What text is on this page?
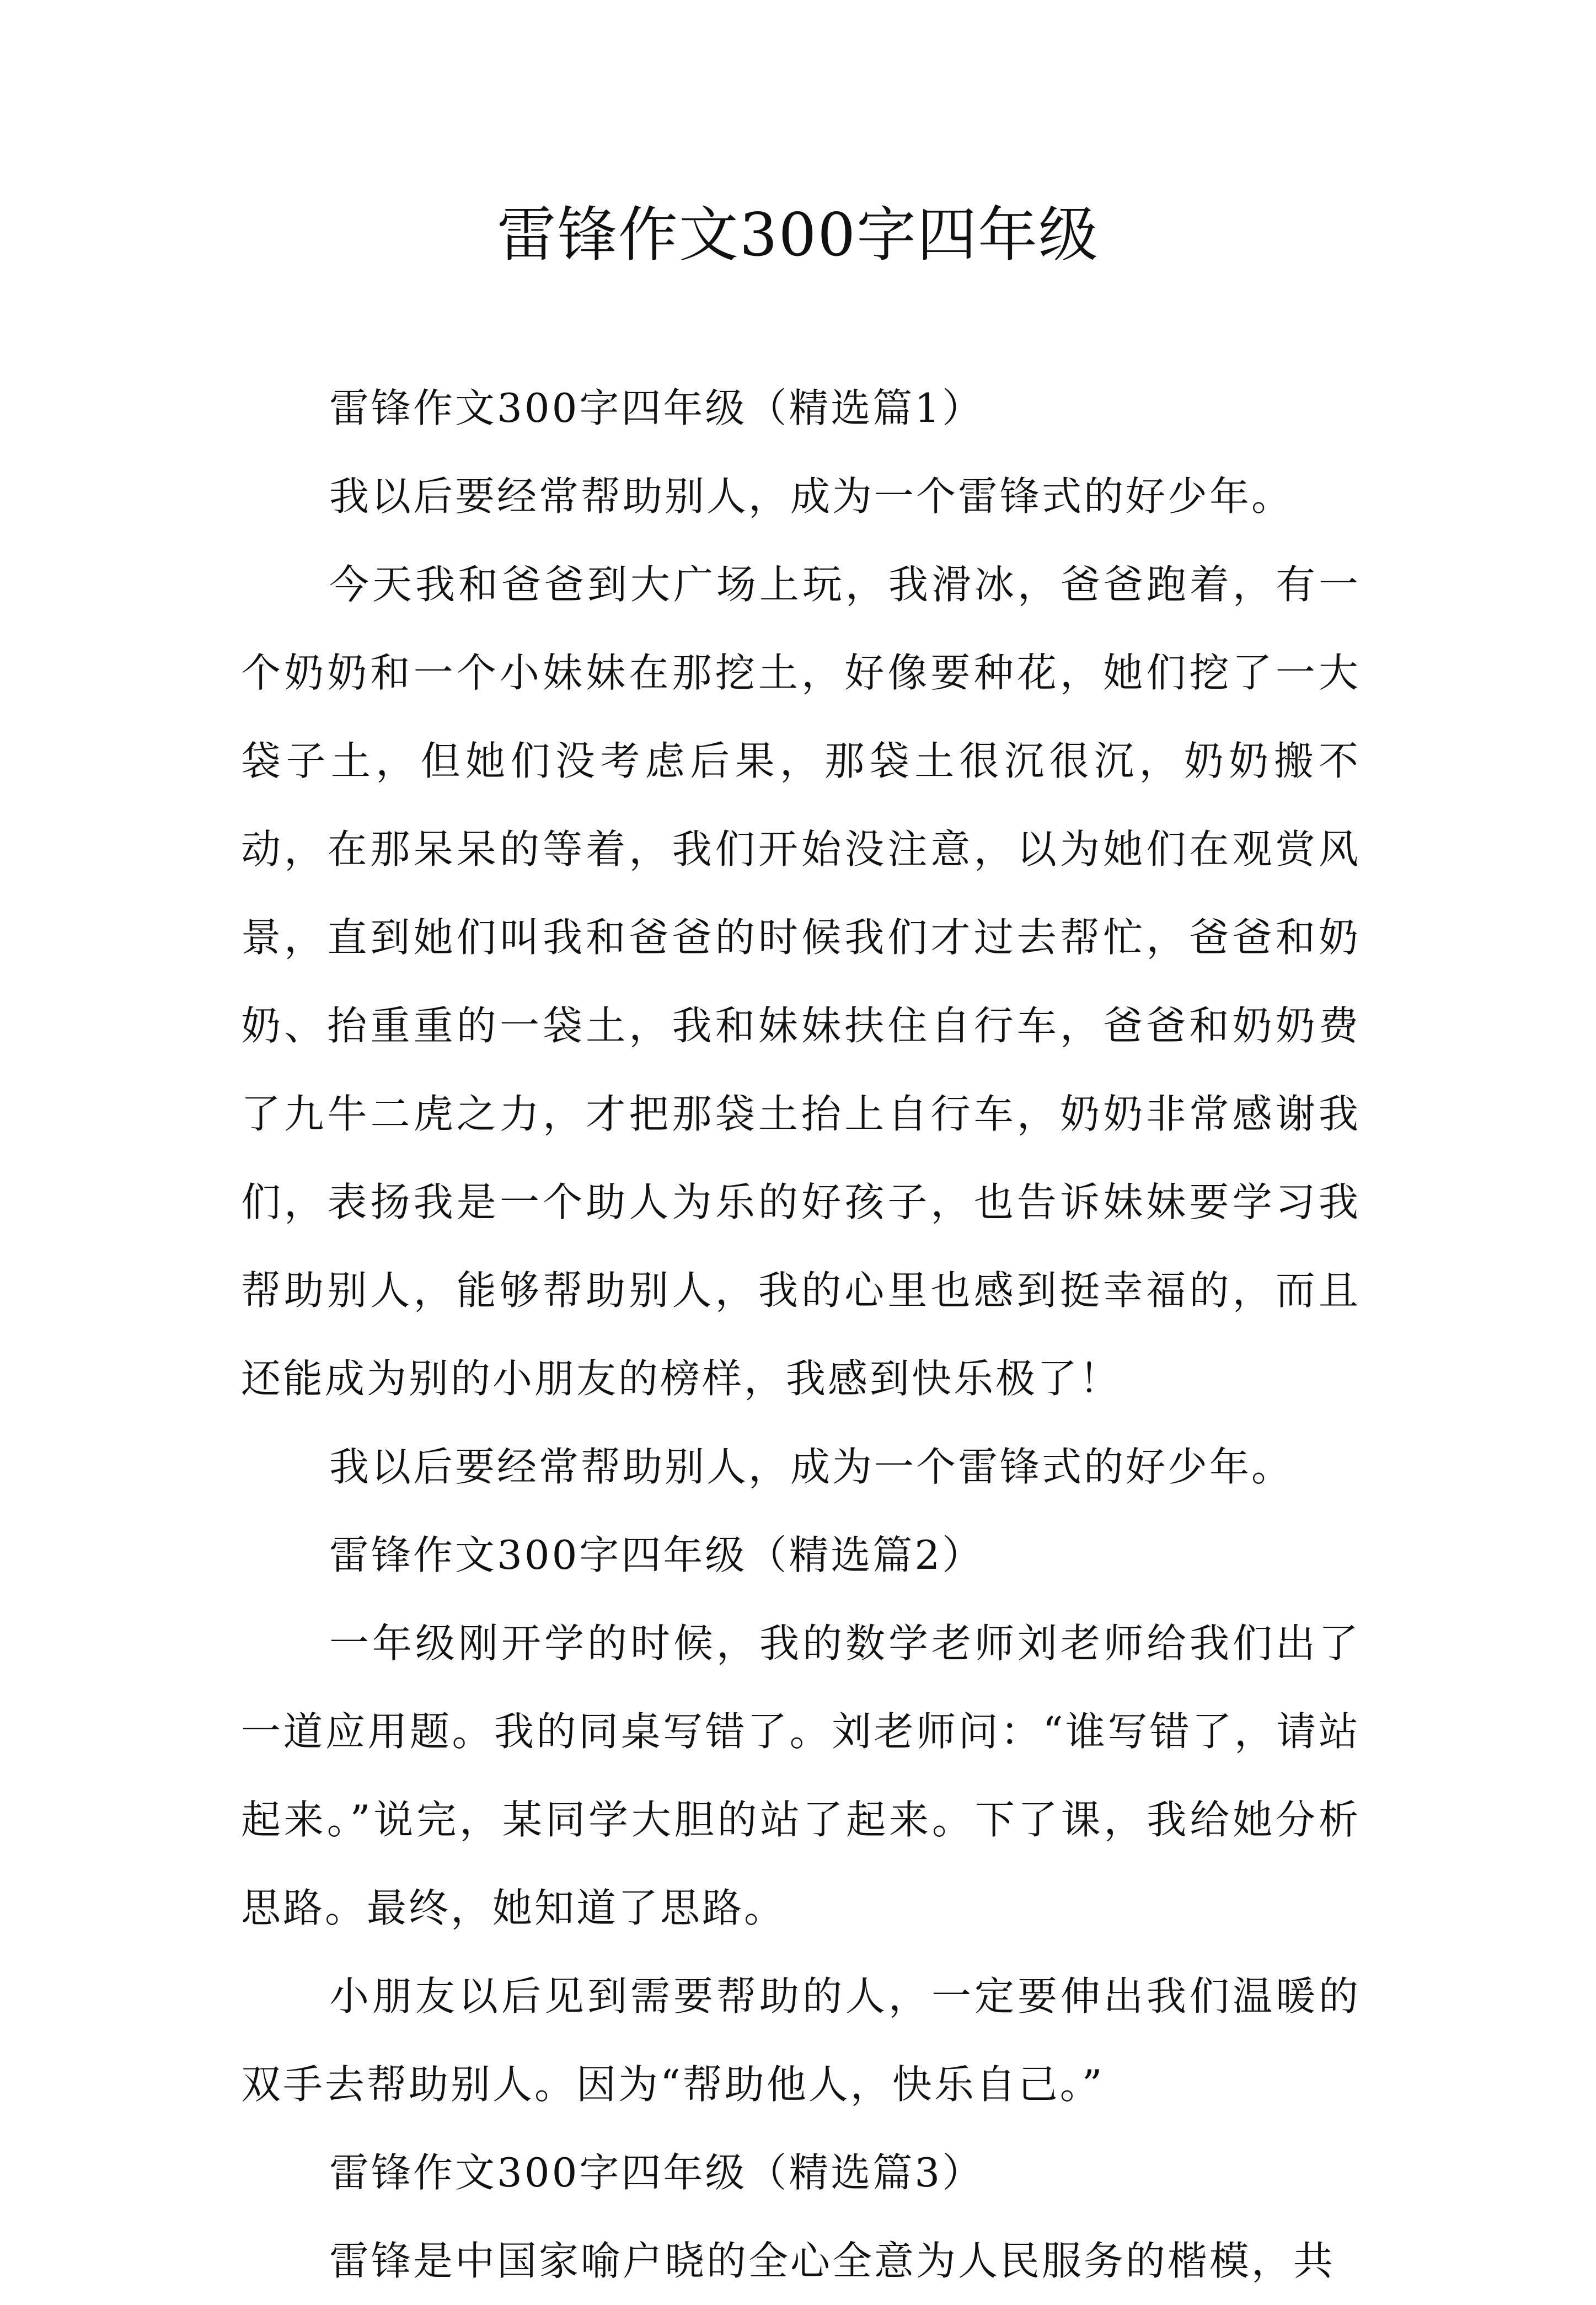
雷锋作文300字四年级

雷锋作文300字四年级（精选篇1）

我以后要经常帮助别人，成为一个雷锋式的好少年。

今天我和爸爸到大广场上玩，我滑冰，爸爸跑着，有一个奶奶和一个小妹妹在那挖土，好像要种花，她们挖了一大袋子土，但她们没考虑后果，那袋土很沉很沉，奶奶搬不动，在那呆呆的等着，我们开始没注意，以为她们在观赏风景，直到她们叫我和爸爸的时候我们才过去帮忙，爸爸和奶奶、抬重重的一袋土，我和妹妹扶住自行车，爸爸和奶奶费了九牛二虎之力，才把那袋土抬上自行车，奶奶非常感谢我们，表扬我是一个助人为乐的好孩子，也告诉妹妹要学习我帮助别人，能够帮助别人，我的心里也感到挺幸福的，而且还能成为别的小朋友的榜样，我感到快乐极了！

我以后要经常帮助别人，成为一个雷锋式的好少年。

雷锋作文300字四年级（精选篇2）

一年级刚开学的时候，我的数学老师刘老师给我们出了一道应用题。我的同桌写错了。刘老师问：“谁写错了，请站起来。”说完，某同学大胆的站了起来。下了课，我给她分析思路。最终，她知道了思路。

小朋友以后见到需要帮助的人，一定要伸出我们温暖的双手去帮助别人。因为“帮助他人，快乐自己。”

雷锋作文300字四年级（精选篇3）

雷锋是中国家喻户晓的全心全意为人民服务的楷模，共
